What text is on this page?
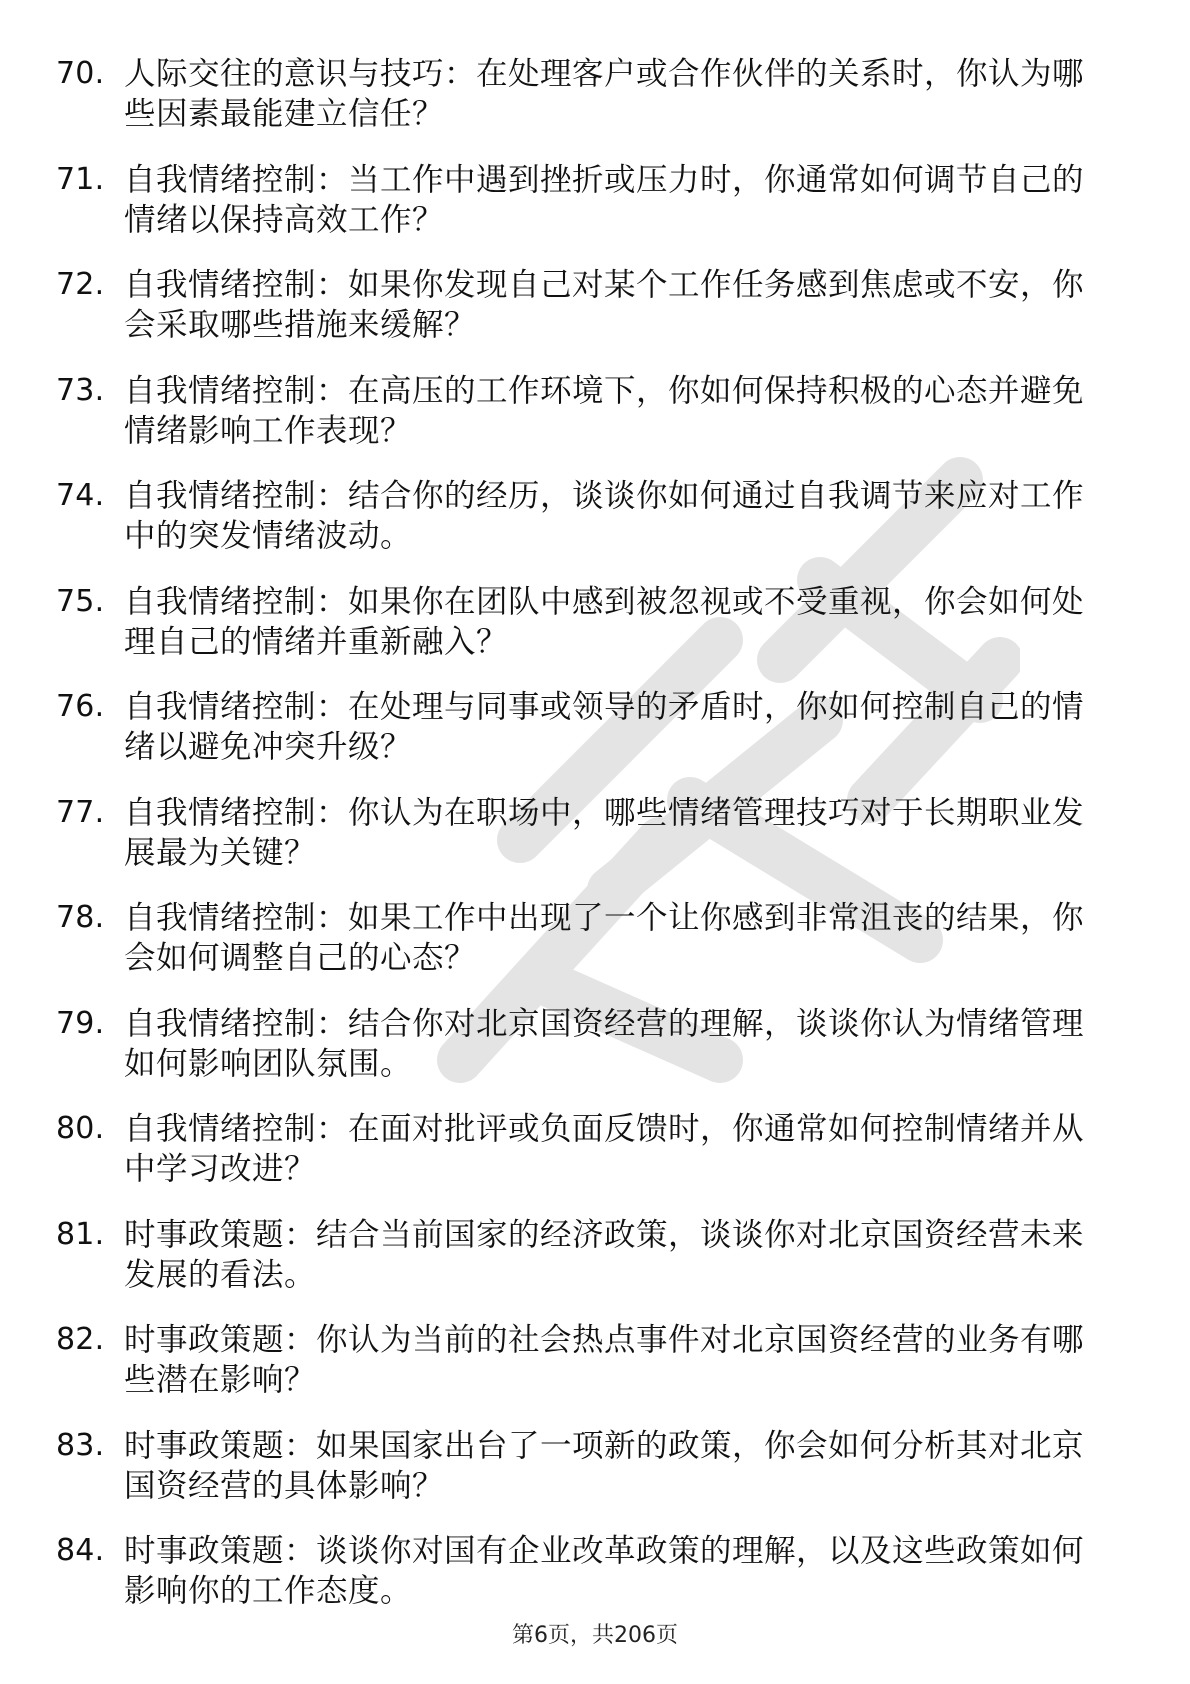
70. 人际交往的意识与技巧：在处理客户或合作伙伴的关系时，你认为哪些因素最能建立信任？
71. 自我情绪控制：当工作中遇到挫折或压力时，你通常如何调节自己的情绪以保持高效工作？
72. 自我情绪控制：如果你发现自己对某个工作任务感到焦虑或不安，你会采取哪些措施来缓解？
73. 自我情绪控制：在高压的工作环境下，你如何保持积极的心态并避免情绪影响工作表现？
74. 自我情绪控制：结合你的经历，谈谈你如何通过自我调节来应对工作中的突发情绪波动。
75. 自我情绪控制：如果你在团队中感到被忽视或不受重视，你会如何处理自己的情绪并重新融入？
76. 自我情绪控制：在处理与同事或领导的矛盾时，你如何控制自己的情绪以避免冲突升级？
77. 自我情绪控制：你认为在职场中，哪些情绪管理技巧对于长期职业发展最为关键？
78. 自我情绪控制：如果工作中出现了一个让你感到非常沮丧的结果，你会如何调整自己的心态？
79. 自我情绪控制：结合你对北京国资经营的理解，谈谈你认为情绪管理如何影响团队氛围。
80. 自我情绪控制：在面对批评或负面反馈时，你通常如何控制情绪并从中学习改进？
81. 时事政策题：结合当前国家的经济政策，谈谈你对北京国资经营未来发展的看法。
82. 时事政策题：你认为当前的社会热点事件对北京国资经营的业务有哪些潜在影响？
83. 时事政策题：如果国家出台了一项新的政策，你会如何分析其对北京国资经营的具体影响？
84. 时事政策题：谈谈你对国有企业改革政策的理解，以及这些政策如何影响你的工作态度。
第6页，共206页
